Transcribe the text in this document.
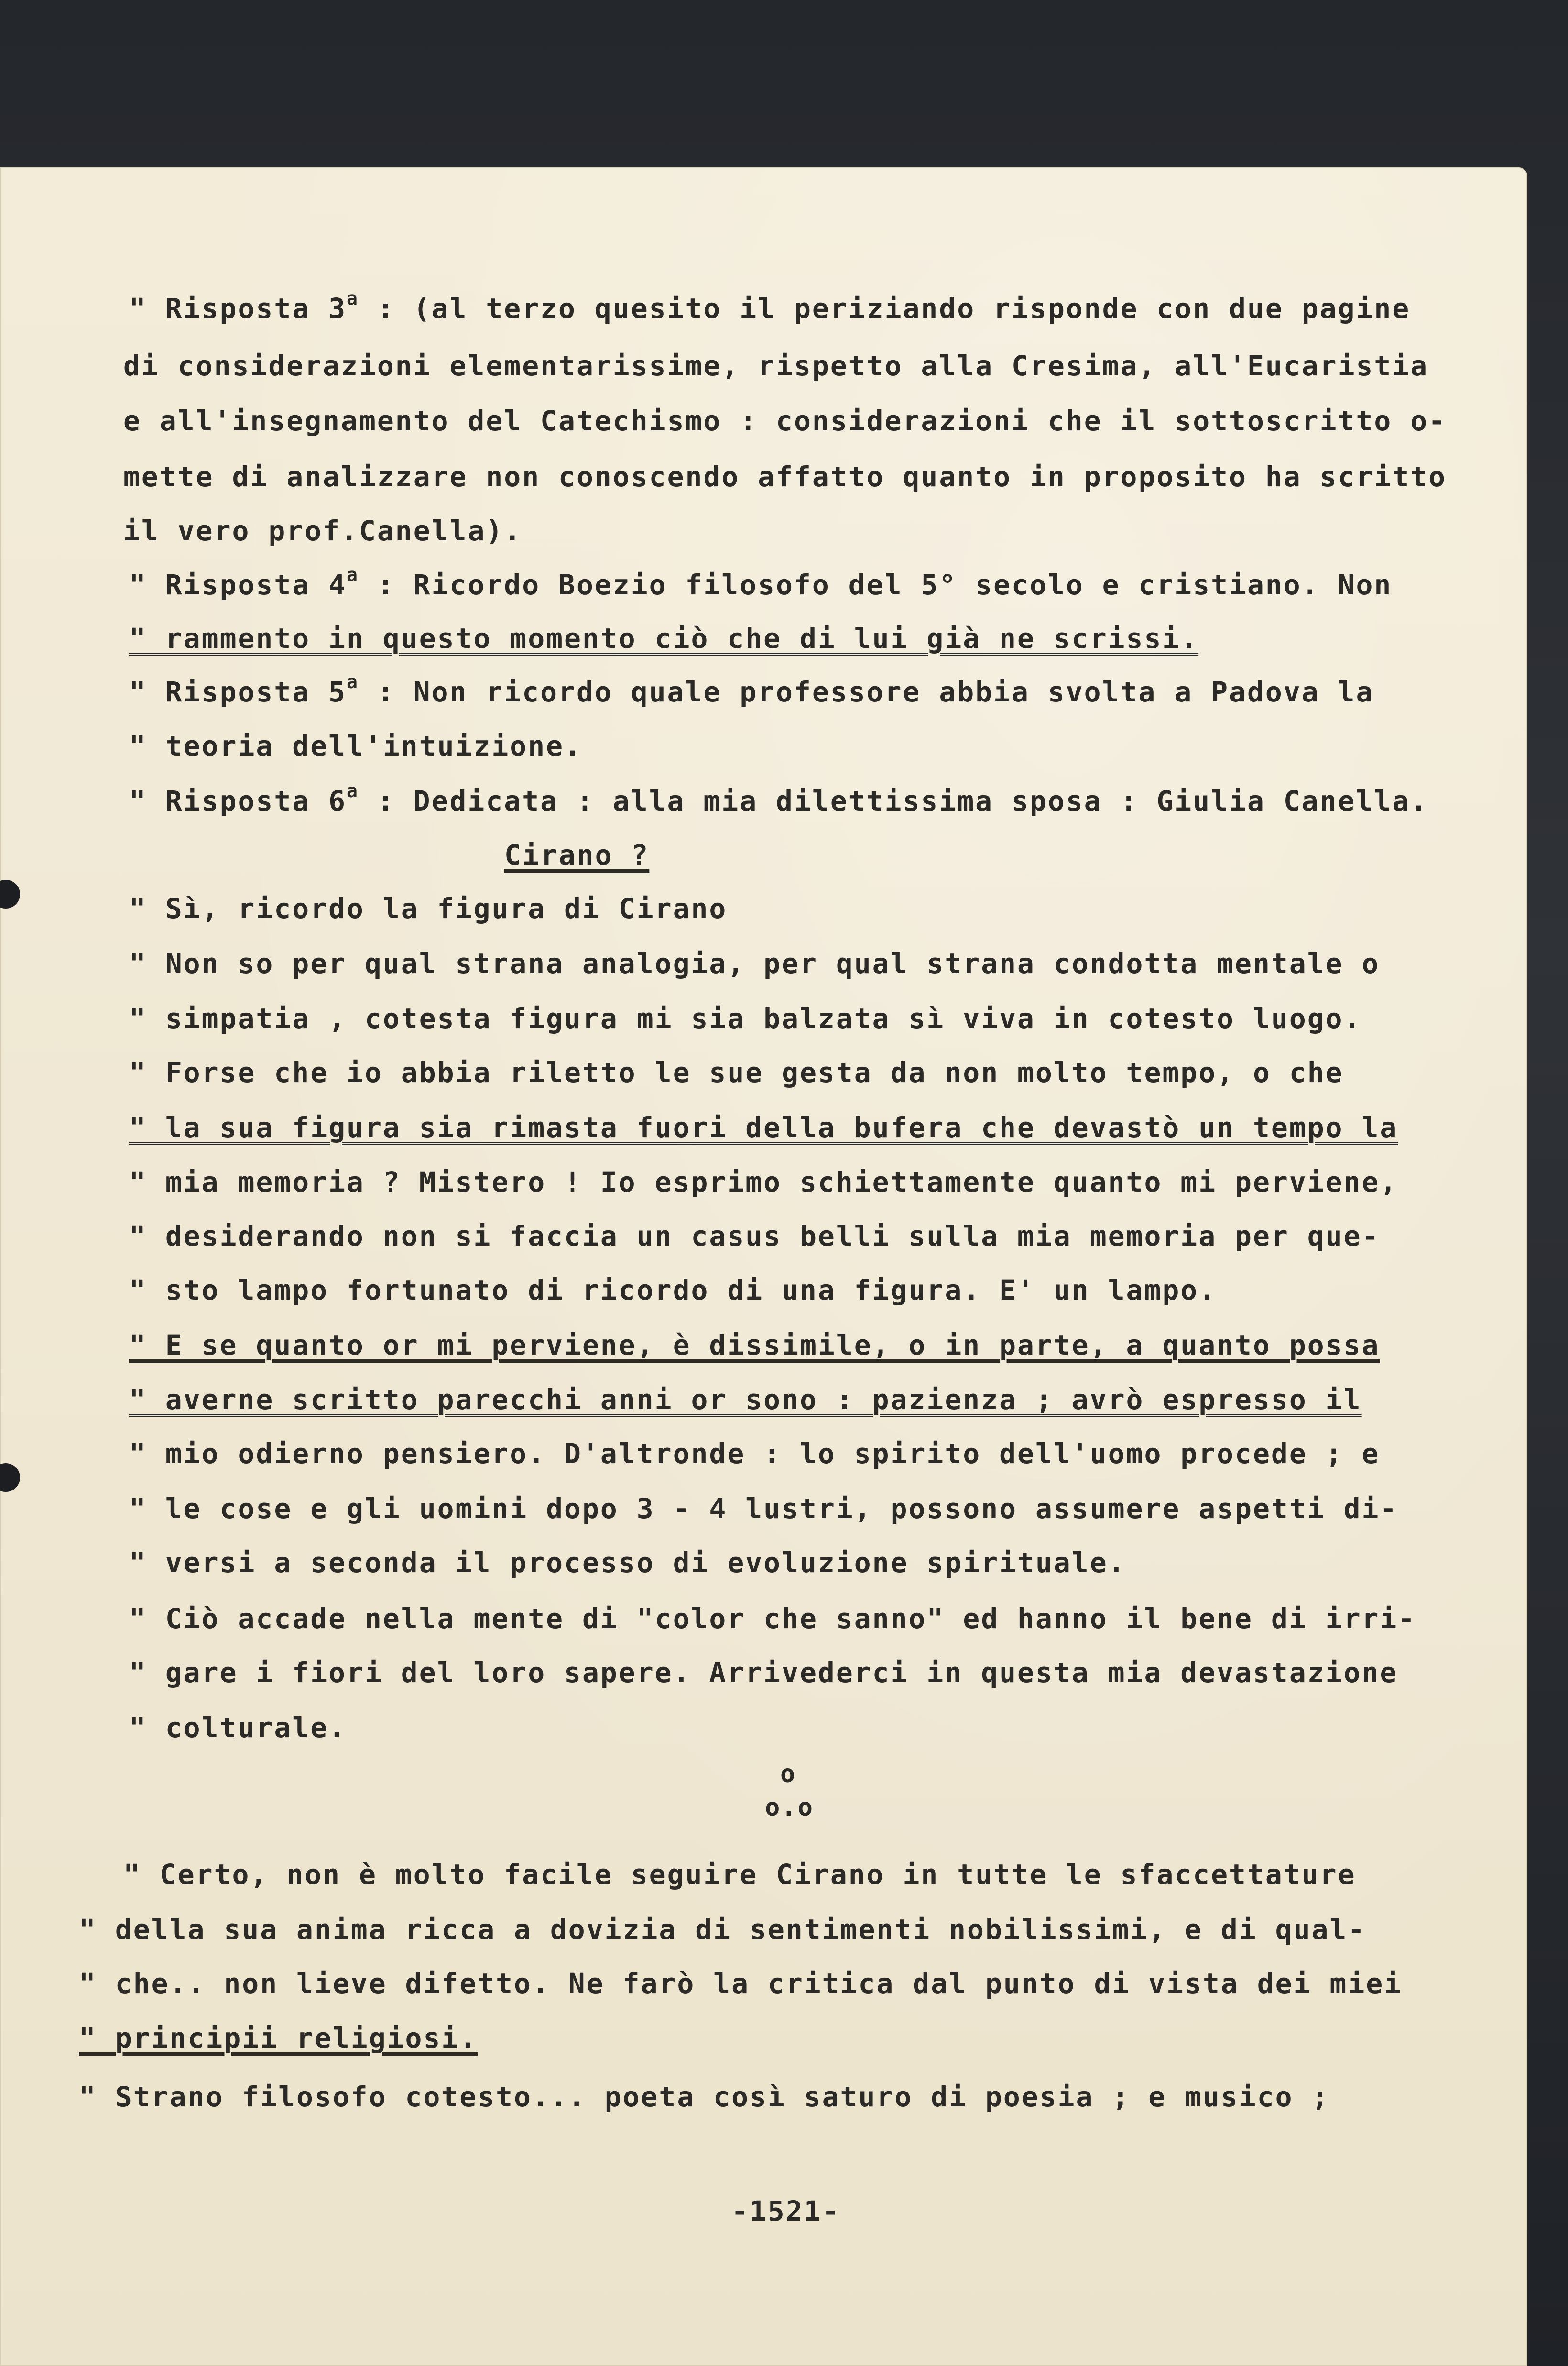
" Risposta 3$^a$ : (al terzo quesito il periziando risponde con due pagine
di considerazioni elementarissime, rispetto alla Cresima, all'Eucaristia
e all'insegnamento del Catechismo : considerazioni che il sottoscritto o-
mette di analizzare non conoscendo affatto quanto in proposito ha scritto
il vero prof.Canella).
" Risposta 4$^a$ : Ricordo Boezio filosofo del 5° secolo e cristiano. Non
" rammento in questo momento ciò che di lui già ne scrissi.
" Risposta 5$^a$ : Non ricordo quale professore abbia svolta a Padova la
" teoria dell'intuizione.
" Risposta 6$^a$ : Dedicata : alla mia dilettissima sposa : Giulia Canella.
Cirano ?
" Sì, ricordo la figura di Cirano
" Non so per qual strana analogia, per qual strana condotta mentale o
" simpatia , cotesta figura mi sia balzata sì viva in cotesto luogo.
" Forse che io abbia riletto le sue gesta da non molto tempo, o che
" la sua figura sia rimasta fuori della bufera che devastò un tempo la
" mia memoria ? Mistero ! Io esprimo schiettamente quanto mi perviene,
" desiderando non si faccia un casus belli sulla mia memoria per que-
" sto lampo fortunato di ricordo di una figura. E' un lampo.
" E se quanto or mi perviene, è dissimile, o in parte, a quanto possa
" averne scritto parecchi anni or sono : pazienza ; avrò espresso il
" mio odierno pensiero. D'altronde : lo spirito dell'uomo procede ; e
" le cose e gli uomini dopo 3 - 4 lustri, possono assumere aspetti di-
" versi a seconda il processo di evoluzione spirituale.
" Ciò accade nella mente di "color che sanno" ed hanno il bene di irri-
" gare i fiori del loro sapere. Arrivederci in questa mia devastazione
" colturale.
o
o.o
" Certo, non è molto facile seguire Cirano in tutte le sfaccettature
" della sua anima ricca a dovizia di sentimenti nobilissimi, e di qual-
" che.. non lieve difetto. Ne farò la critica dal punto di vista dei miei
" principii religiosi.
" Strano filosofo cotesto... poeta così saturo di poesia ; e musico ;
-1521-
